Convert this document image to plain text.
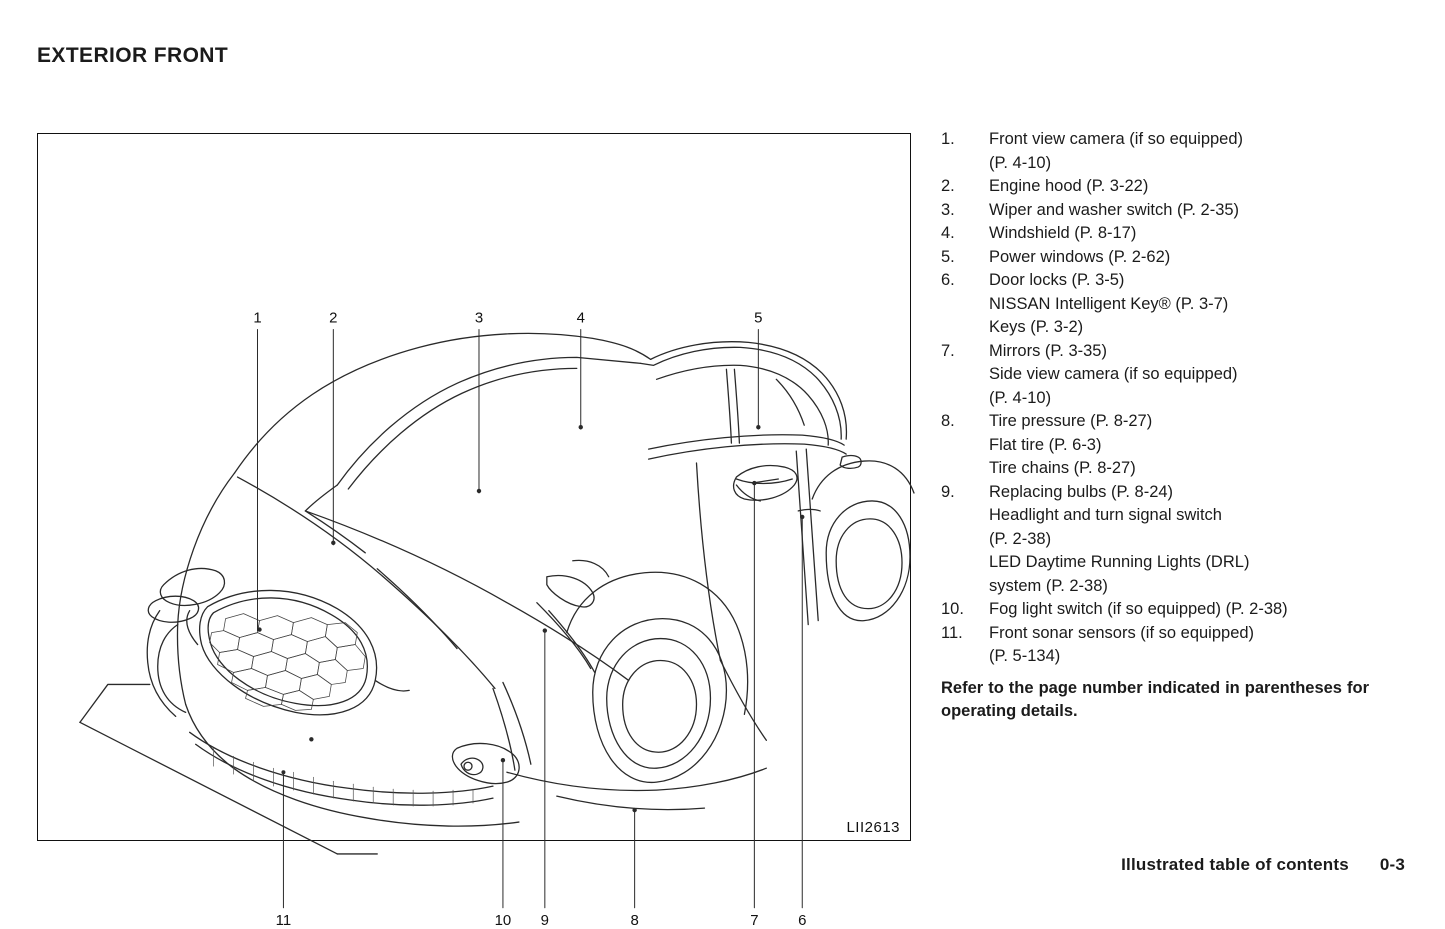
EXTERIOR FRONT
1	2	3	4	5
11	10 9	8	7	6
LII2613
1.	Front view camera (if so equipped)
(P. 4-10)
2.	Engine hood (P. 3-22)
3.	Wiper and washer switch (P. 2-35)
4.	Windshield (P. 8-17)
5.	Power windows (P. 2-62)
6.	Door locks (P. 3-5)
NISSAN Intelligent Key® (P. 3-7)
Keys (P. 3-2)
7.	Mirrors (P. 3-35)
Side view camera (if so equipped)
(P. 4-10)
8.	Tire pressure (P. 8-27)
Flat tire (P. 6-3)
Tire chains (P. 8-27)
9.	Replacing bulbs (P. 8-24)
Headlight and turn signal switch
(P. 2-38)
LED Daytime Running Lights (DRL)
system (P. 2-38)
10.	Fog light switch (if so equipped) (P. 2-38)
11.	Front sonar sensors (if so equipped)
(P. 5-134)
Refer to the page number indicated in parentheses for operating details.
Illustrated table of contents 0-3
